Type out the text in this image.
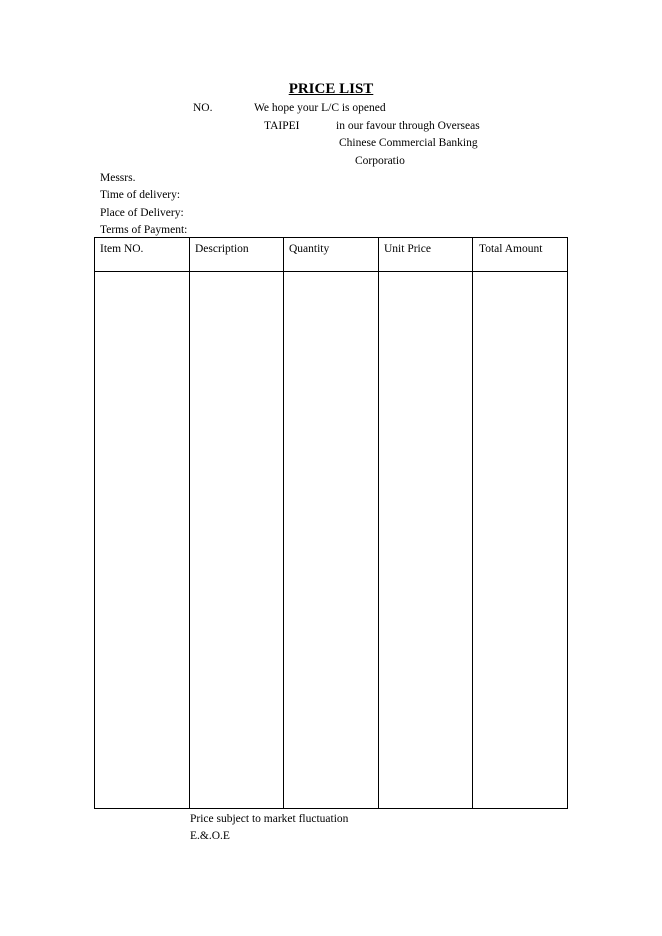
PRICE LIST
NO.	We hope your L/C is opened
TAIPEI	in our favour through Overseas
Chinese Commercial Banking
Corporatio
Messrs.
Time of delivery:
Place of Delivery:
Terms of Payment:
Item NO.	Description	Quantity	Unit Price	Total Amount
Price subject to market fluctuation
E.&.O.E
